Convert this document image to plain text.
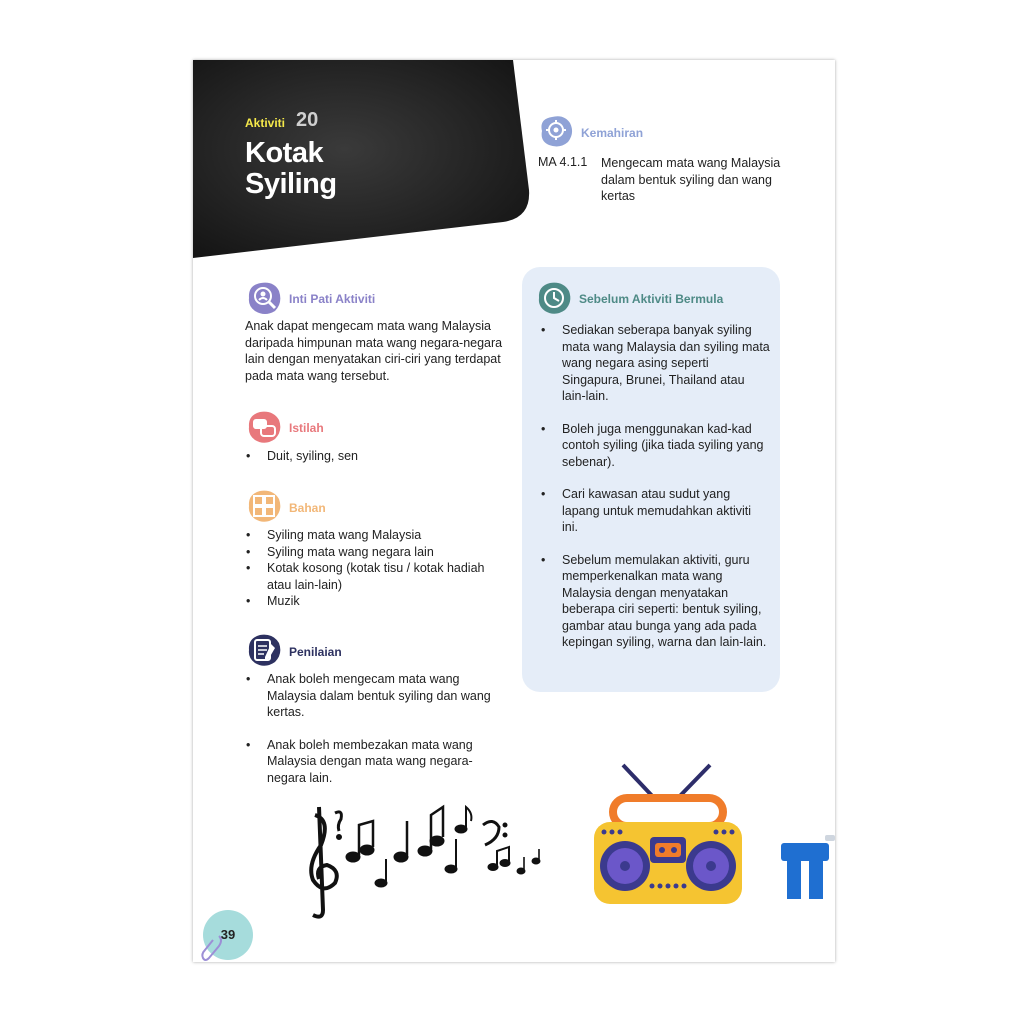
Aktiviti 20
Kotak
Syiling
Kemahiran
MA 4.1.1 Mengecam mata wang Malaysia dalam bentuk syiling dan wang kertas
Inti Pati Aktiviti
Anak dapat mengecam mata wang Malaysia daripada himpunan mata wang negara-negara lain dengan menyatakan ciri-ciri yang terdapat pada mata wang tersebut.
Istilah
• Duit, syiling, sen
Bahan
• Syiling mata wang Malaysia
• Syiling mata wang negara lain
• Kotak kosong (kotak tisu / kotak hadiah atau lain-lain)
• Muzik
Penilaian
• Anak boleh mengecam mata wang Malaysia dalam bentuk syiling dan wang kertas.
• Anak boleh membezakan mata wang Malaysia dengan mata wang negara-negara lain.
Sebelum Aktiviti Bermula
• Sediakan seberapa banyak syiling mata wang Malaysia dan syiling mata wang negara asing seperti Singapura, Brunei, Thailand atau lain-lain.
• Boleh juga menggunakan kad-kad contoh syiling (jika tiada syiling yang sebenar).
• Cari kawasan atau sudut yang lapang untuk memudahkan aktiviti ini.
• Sebelum memulakan aktiviti, guru memperkenalkan mata wang Malaysia dengan menyatakan beberapa ciri seperti: bentuk syiling, gambar atau bunga yang ada pada kepingan syiling, warna dan lain-lain.
39
